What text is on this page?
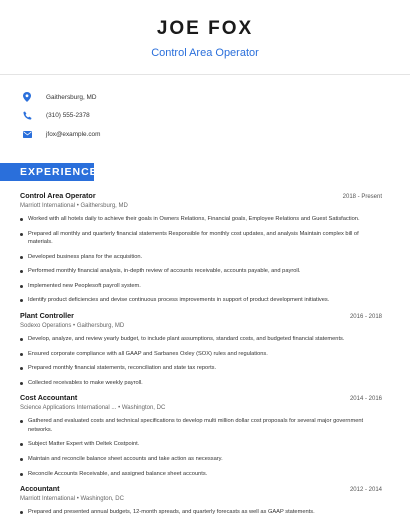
JOE FOX
Control Area Operator
Gaithersburg, MD
(310) 555-2378
jfox@example.com
EXPERIENCE
Control Area Operator	2018 - Present
Marriott International • Gaithersburg, MD
Worked with all hotels daily to achieve their goals in Owners Relations, Financial goals, Employee Relations and Guest Satisfaction.
Prepared all monthly and quarterly financial statements Responsible for monthly cost updates, and analysis Maintain complex bill of materials.
Developed business plans for the acquisition.
Performed monthly financial analysis, in-depth review of accounts receivable, accounts payable, and payroll.
Implemented new Peoplesoft payroll system.
Identify product deficiencies and devise continuous process improvements in support of product development initiatives.
Plant Controller	2016 - 2018
Sodexo Operations • Gaithersburg, MD
Develop, analyze, and review yearly budget, to include plant assumptions, standard costs, and budgeted financial statements.
Ensured corporate compliance with all GAAP and Sarbanes Oxley (SOX) rules and regulations.
Prepared monthly financial statements, reconciliation and state tax reports.
Collected receivables to make weekly payroll.
Cost Accountant	2014 - 2016
Science Applications International ... • Washington, DC
Gathered and evaluated costs and technical specifications to develop multi million dollar cost proposals for several major government networks.
Subject Matter Expert with Deltek Costpoint.
Maintain and reconcile balance sheet accounts and take action as necessary.
Reconcile Accounts Receivable, and assigned balance sheet accounts.
Accountant	2012 - 2014
Marriott International • Washington, DC
Prepared and presented annual budgets, 12-month spreads, and quarterly forecasts as well as GAAP statements.
